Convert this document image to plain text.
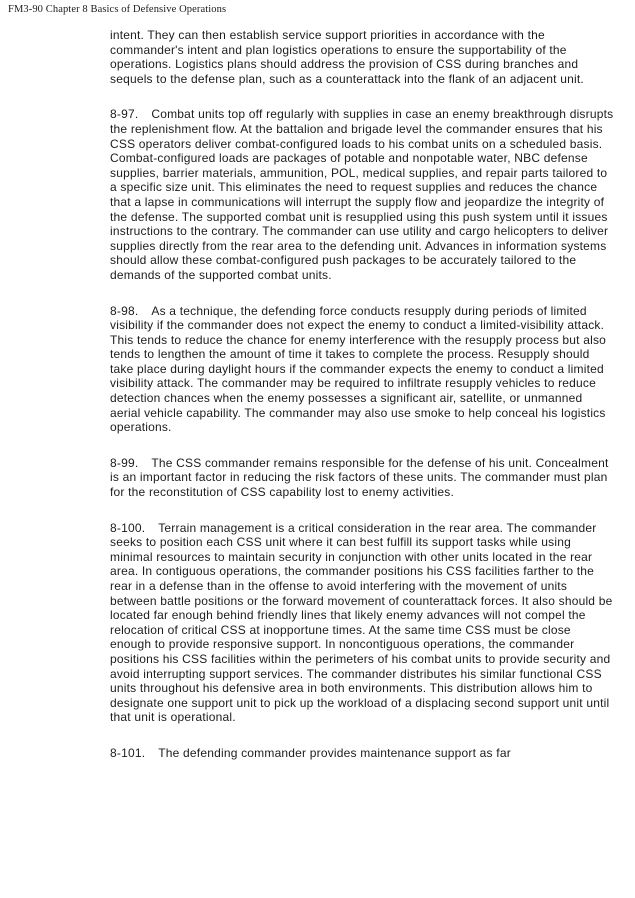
FM3-90 Chapter 8 Basics of Defensive Operations

intent. They can then establish service support priorities in accordance with the commander's intent and plan logistics operations to ensure the supportability of the operations. Logistics plans should address the provision of CSS during branches and sequels to the defense plan, such as a counterattack into the flank of an adjacent unit.

8-97. Combat units top off regularly with supplies in case an enemy breakthrough disrupts the replenishment flow. At the battalion and brigade level the commander ensures that his CSS operators deliver combat-configured loads to his combat units on a scheduled basis. Combat-configured loads are packages of potable and nonpotable water, NBC defense supplies, barrier materials, ammunition, POL, medical supplies, and repair parts tailored to a specific size unit. This eliminates the need to request supplies and reduces the chance that a lapse in communications will interrupt the supply flow and jeopardize the integrity of the defense. The supported combat unit is resupplied using this push system until it issues instructions to the contrary. The commander can use utility and cargo helicopters to deliver supplies directly from the rear area to the defending unit. Advances in information systems should allow these combat-configured push packages to be accurately tailored to the demands of the supported combat units.

8-98. As a technique, the defending force conducts resupply during periods of limited visibility if the commander does not expect the enemy to conduct a limited-visibility attack. This tends to reduce the chance for enemy interference with the resupply process but also tends to lengthen the amount of time it takes to complete the process. Resupply should take place during daylight hours if the commander expects the enemy to conduct a limited visibility attack. The commander may be required to infiltrate resupply vehicles to reduce detection chances when the enemy possesses a significant air, satellite, or unmanned aerial vehicle capability. The commander may also use smoke to help conceal his logistics operations.

8-99. The CSS commander remains responsible for the defense of his unit. Concealment is an important factor in reducing the risk factors of these units. The commander must plan for the reconstitution of CSS capability lost to enemy activities.

8-100. Terrain management is a critical consideration in the rear area. The commander seeks to position each CSS unit where it can best fulfill its support tasks while using minimal resources to maintain security in conjunction with other units located in the rear area. In contiguous operations, the commander positions his CSS facilities farther to the rear in a defense than in the offense to avoid interfering with the movement of units between battle positions or the forward movement of counterattack forces. It also should be located far enough behind friendly lines that likely enemy advances will not compel the relocation of critical CSS at inopportune times. At the same time CSS must be close enough to provide responsive support. In noncontiguous operations, the commander positions his CSS facilities within the perimeters of his combat units to provide security and avoid interrupting support services. The commander distributes his similar functional CSS units throughout his defensive area in both environments. This distribution allows him to designate one support unit to pick up the workload of a displacing second support unit until that unit is operational.

8-101. The defending commander provides maintenance support as far
